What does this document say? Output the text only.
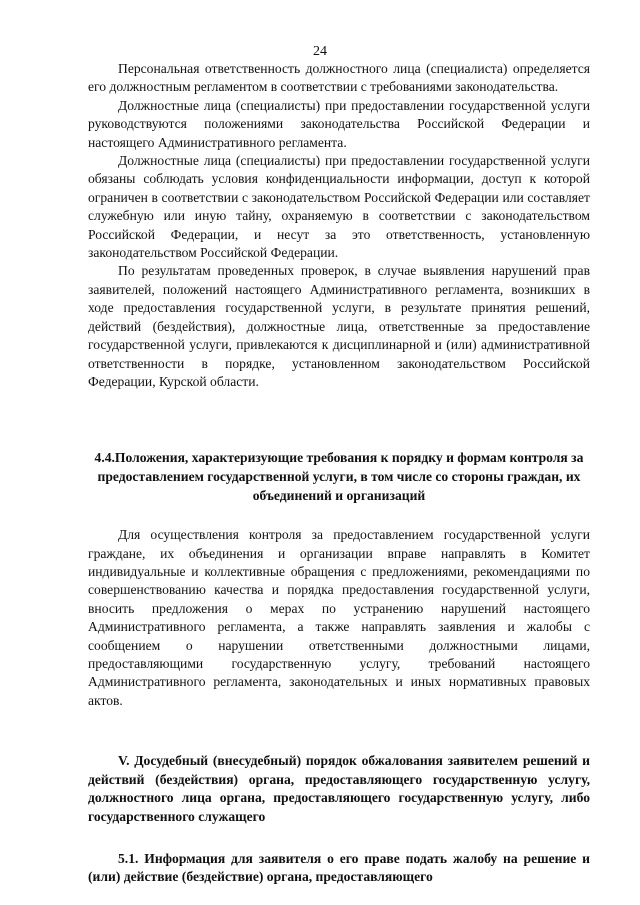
24

Персональная ответственность должностного лица (специалиста) определяется его должностным регламентом в соответствии с требованиями законодательства.

Должностные лица (специалисты) при предоставлении государственной услуги руководствуются положениями законодательства Российской Федерации и настоящего Административного регламента.

Должностные лица (специалисты) при предоставлении государственной услуги обязаны соблюдать условия конфиденциальности информации, доступ к которой ограничен в соответствии с законодательством Российской Федерации или составляет служебную или иную тайну, охраняемую в соответствии с законодательством Российской Федерации, и несут за это ответственность, установленную законодательством Российской Федерации.

По результатам проведенных проверок, в случае выявления нарушений прав заявителей, положений настоящего Административного регламента, возникших в ходе предоставления государственной услуги, в результате принятия решений, действий (бездействия), должностные лица, ответственные за предоставление государственной услуги, привлекаются к дисциплинарной и (или) административной ответственности в порядке, установленном законодательством Российской Федерации, Курской области.

4.4.Положения, характеризующие требования к порядку и формам контроля за предоставлением государственной услуги, в том числе со стороны граждан, их объединений и организаций

Для осуществления контроля за предоставлением государственной услуги граждане, их объединения и организации вправе направлять в Комитет индивидуальные и коллективные обращения с предложениями, рекомендациями по совершенствованию качества и порядка предоставления государственной услуги, вносить предложения о мерах по устранению нарушений настоящего Административного регламента, а также направлять заявления и жалобы с сообщением о нарушении ответственными должностными лицами, предоставляющими государственную услугу, требований настоящего Административного регламента, законодательных и иных нормативных правовых актов.

V. Досудебный (внесудебный) порядок обжалования заявителем решений и действий (бездействия) органа, предоставляющего государственную услугу, должностного лица органа, предоставляющего государственную услугу, либо государственного служащего

5.1. Информация для заявителя о его праве подать жалобу на решение и (или) действие (бездействие) органа, предоставляющего
